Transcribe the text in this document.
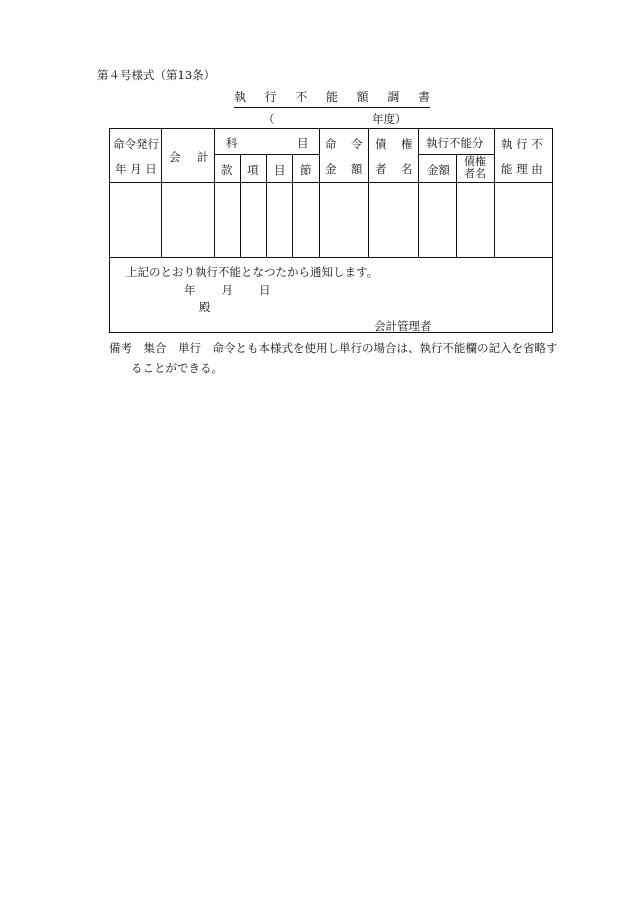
第４号様式（第13条）
執　行　不　能　額　調　書
（	年度）
命令発行
年 月 日
会 計
科	目
款 項 目 節
命 令
金 額
債 権
者 名
執行不能分
金額
債権
者名
執 行 不
能 理 由
上記のとおり執行不能となつたから通知します。
年 月 日
殿
会計管理者
備考　集合　単行　命令とも本様式を使用し単行の場合は、執行不能欄の記入を省略す
ることができる。
